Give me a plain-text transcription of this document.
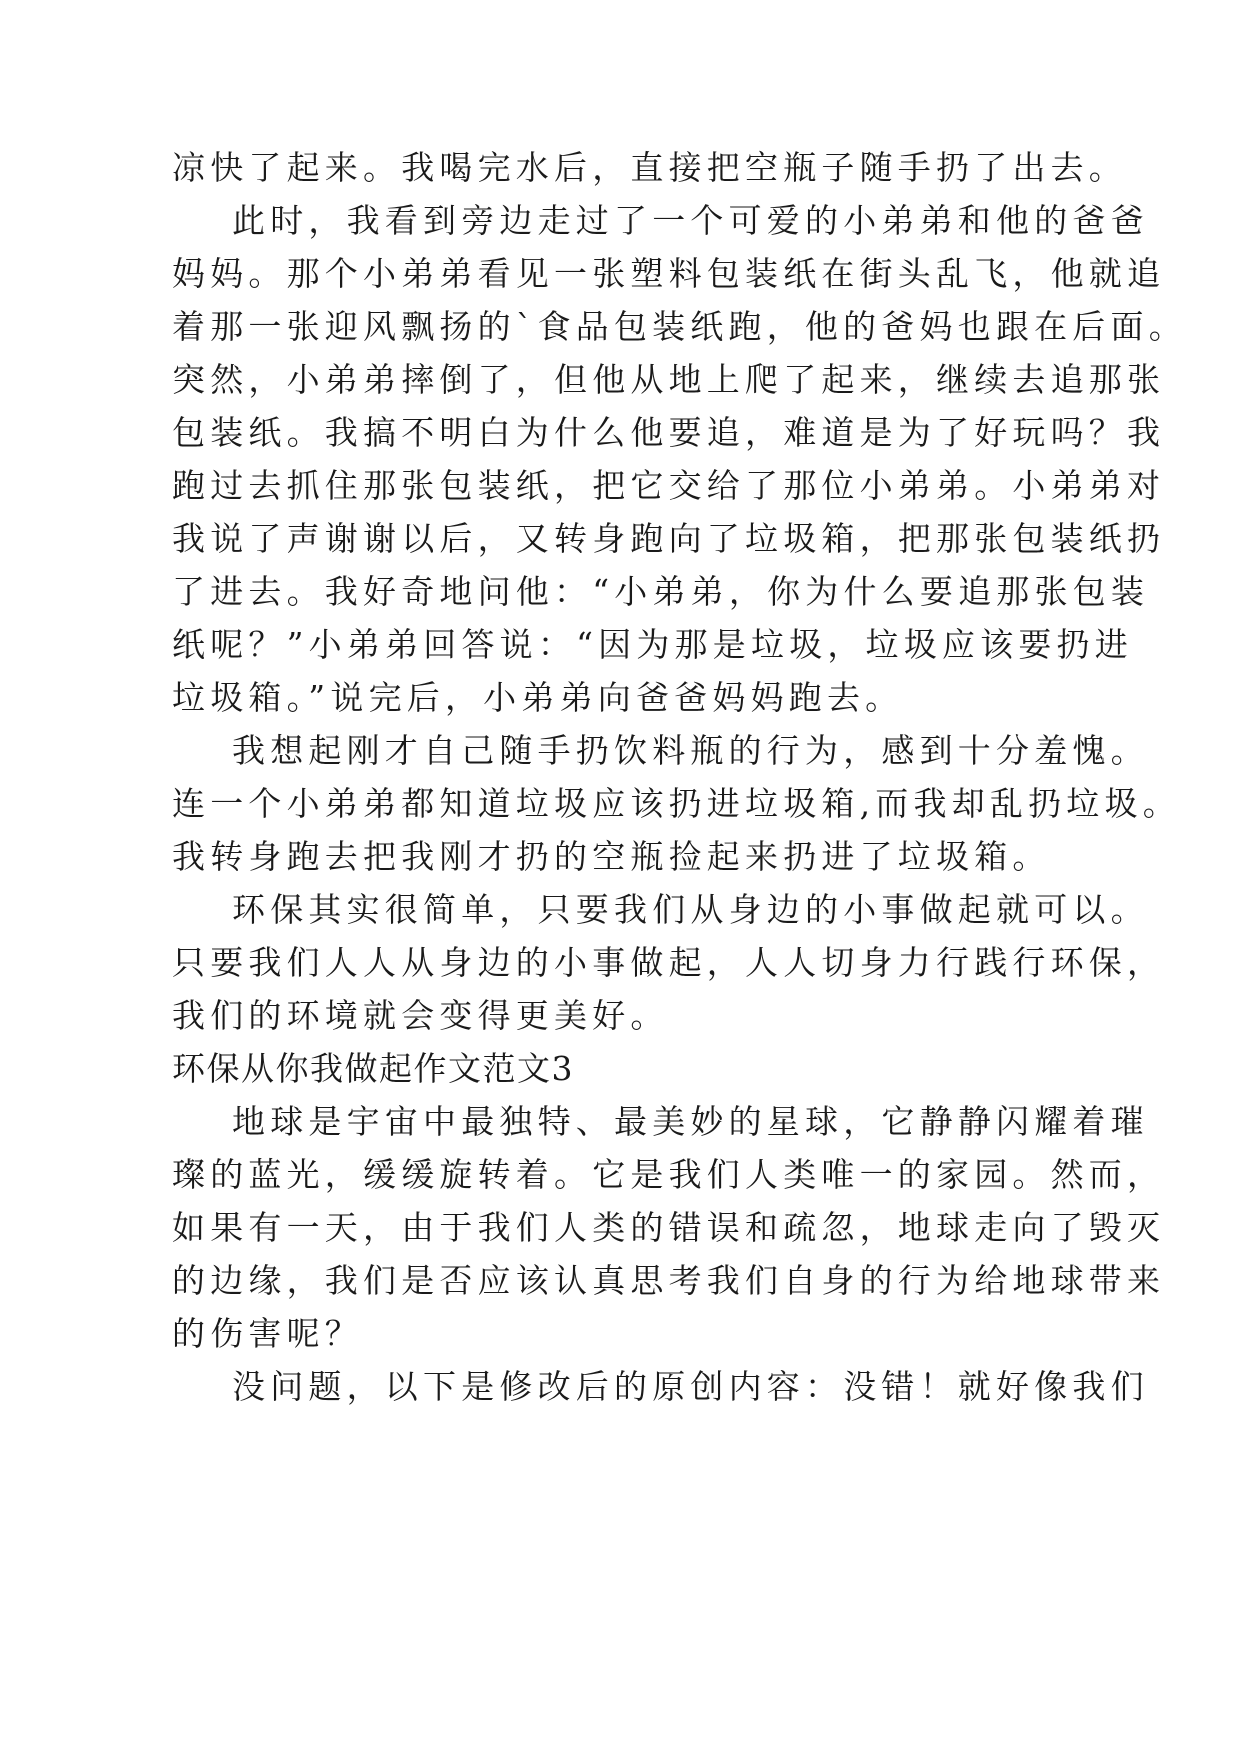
凉快了起来。我喝完水后，直接把空瓶子随手扔了出去。
此时，我看到旁边走过了一个可爱的小弟弟和他的爸爸
妈妈。那个小弟弟看见一张塑料包装纸在街头乱飞，他就追
着那一张迎风飘扬的`食品包装纸跑，他的爸妈也跟在后面。
突然，小弟弟摔倒了，但他从地上爬了起来，继续去追那张
包装纸。我搞不明白为什么他要追，难道是为了好玩吗？我
跑过去抓住那张包装纸，把它交给了那位小弟弟。小弟弟对
我说了声谢谢以后，又转身跑向了垃圾箱，把那张包装纸扔
了进去。我好奇地问他：“小弟弟，你为什么要追那张包装
纸呢？”小弟弟回答说：“因为那是垃圾，垃圾应该要扔进
垃圾箱。”说完后，小弟弟向爸爸妈妈跑去。
我想起刚才自己随手扔饮料瓶的行为，感到十分羞愧。
连一个小弟弟都知道垃圾应该扔进垃圾箱,而我却乱扔垃圾。
我转身跑去把我刚才扔的空瓶捡起来扔进了垃圾箱。
环保其实很简单，只要我们从身边的小事做起就可以。
只要我们人人从身边的小事做起，人人切身力行践行环保，
我们的环境就会变得更美好。
环保从你我做起作文范文3
地球是宇宙中最独特、最美妙的星球，它静静闪耀着璀
璨的蓝光，缓缓旋转着。它是我们人类唯一的家园。然而，
如果有一天，由于我们人类的错误和疏忽，地球走向了毁灭
的边缘，我们是否应该认真思考我们自身的行为给地球带来
的伤害呢？
没问题，以下是修改后的原创内容：没错！就好像我们
